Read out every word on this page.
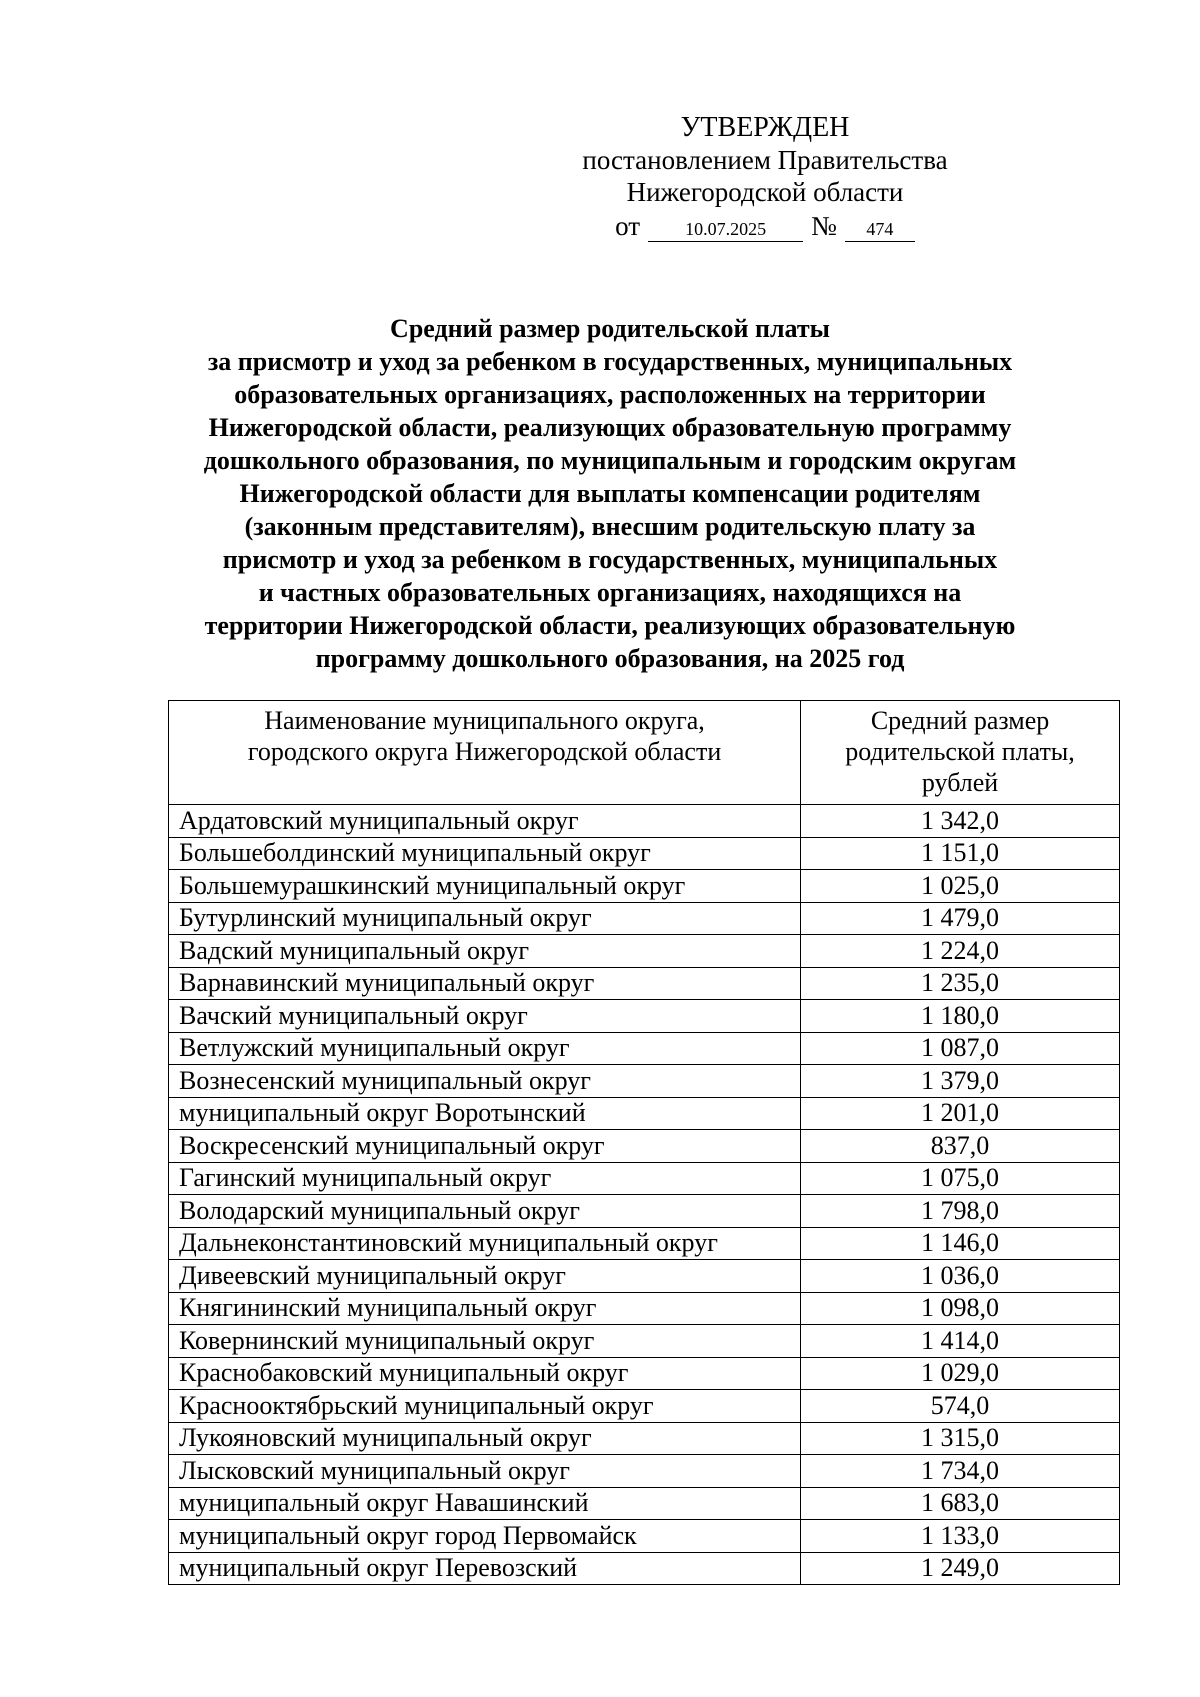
УТВЕРЖДЕН
постановлением Правительства
Нижегородской области
от	10.07.2025	№	474
Средний размер родительской платы
за присмотр и уход за ребенком в государственных, муниципальных
образовательных организациях, расположенных на территории
Нижегородской области, реализующих образовательную программу
дошкольного образования, по муниципальным и городским округам
Нижегородской области для выплаты компенсации родителям
(законным представителям), внесшим родительскую плату за
присмотр и уход за ребенком в государственных, муниципальных
и частных образовательных организациях, находящихся на
территории Нижегородской области, реализующих образовательную
программу дошкольного образования, на 2025 год
Наименование муниципального округа, городского округа Нижегородской области	Средний размер родительской платы, рублей

Ардатовский муниципальный округ	1 342,0
Большеболдинский муниципальный округ	1 151,0
Большемурашкинский муниципальный округ	1 025,0
Бутурлинский муниципальный округ	1 479,0
Вадский муниципальный округ	1 224,0
Варнавинский муниципальный округ	1 235,0
Вачский муниципальный округ	1 180,0
Ветлужский муниципальный округ	1 087,0
Вознесенский муниципальный округ	1 379,0
муниципальный округ Воротынский	1 201,0
Воскресенский муниципальный округ	837,0
Гагинский муниципальный округ	1 075,0
Володарский муниципальный округ	1 798,0
Дальнеконстантиновский муниципальный округ	1 146,0
Дивеевский муниципальный округ	1 036,0
Княгининский муниципальный округ	1 098,0
Ковернинский муниципальный округ	1 414,0
Краснобаковский муниципальный округ	1 029,0
Краснооктябрьский муниципальный округ	574,0
Лукояновский муниципальный округ	1 315,0
Лысковский муниципальный округ	1 734,0
муниципальный округ Навашинский	1 683,0
муниципальный округ город Первомайск	1 133,0
муниципальный округ Перевозский	1 249,0
